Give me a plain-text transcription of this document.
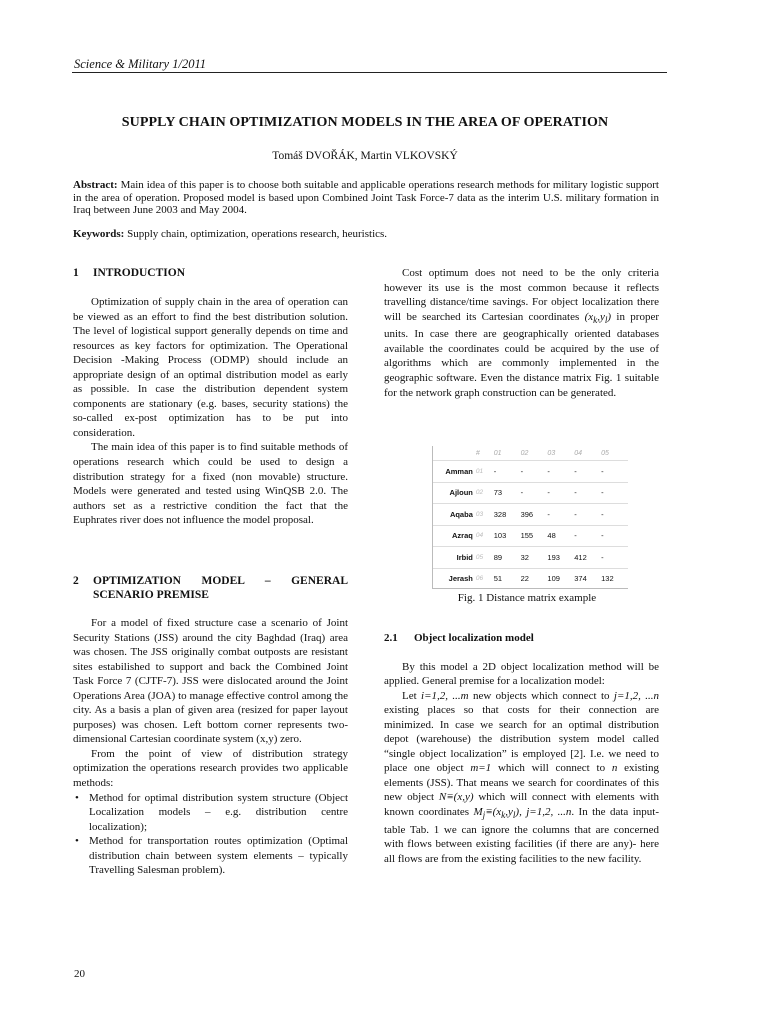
Science & Military 1/2011
SUPPLY CHAIN OPTIMIZATION MODELS IN THE AREA OF OPERATION
Tomáš DVOŘÁK, Martin VLKOVSKÝ
Abstract: Main idea of this paper is to choose both suitable and applicable operations research methods for military logistic support in the area of operation. Proposed model is based upon Combined Joint Task Force-7 data as the interim U.S. military formation in Iraq between June 2003 and May 2004.
Keywords: Supply chain, optimization, operations research, heuristics.
1 INTRODUCTION

Optimization of supply chain in the area of operation can be viewed as an effort to find the best distribution solution. The level of logistical support generally depends on time and resources as key factors for optimization. The Operational Decision -Making Process (ODMP) should include an appropriate design of an optimal distribution model as early as possible. In case the distribution dependent system components are stationary (e.g. bases, security stations) the so-called ex-post optimization has to be put into consideration.

The main idea of this paper is to find suitable methods of operations research which could be used to design a distribution strategy for a fixed (non movable) structure. Models were generated and tested using WinQSB 2.0. The authors set as a restrictive condition the fact that the Euphrates river does not influence the model proposal.

2	OPTIMIZATION MODEL – GENERAL SCENARIO PREMISE

For a model of fixed structure case a scenario of Joint Security Stations (JSS) around the city Baghdad (Iraq) area was chosen. The JSS originally combat outposts are resistant sites estabilished to support and back the Combined Joint Task Force 7 (CJTF-7). JSS were dislocated around the Joint Operations Area (JOA) to manage effective control among the city. As a basis a plan of given area (resized for paper layout purposes) was chosen. Left bottom corner represents two-dimensional Cartesian coordinate system (x,y) zero.

From the point of view of distribution strategy optimization the operations research provides two applicable methods:

• Method for optimal distribution system structure (Object Localization models – e.g. distribution centre localization);
• Method for transportation routes optimization (Optimal distribution chain between system elements – typically Travelling Salesman problem).

Cost optimum does not need to be the only criteria however its use is the most common because it reflects travelling distance/time savings. For object localization there will be searched its Cartesian coordinates $(x_k,y_l)$ in proper units. In case there are geographically oriented databases available the coordinates could be acquired by the use of algorithms which are commonly implemented in the geographic software. Even the distance matrix Fig. 1 suitable for the network graph construction can be generated.

	#	01	02	03	04	05
Amman	01	-	-	-	-	-
Ajloun	02	73	-	-	-	-
Aqaba	03	328	396	-	-	-
Azraq	04	103	155	48	-	-
Irbid	05	89	32	193	412	-
Jerash	06	51	22	109	374	132
Fig. 1 Distance matrix example
2.1 Object localization model

By this model a 2D object localization method will be applied. General premise for a localization model:

Let i=1,2, ...m new objects which connect to j=1,2, ...n existing places so that costs for their connection are minimized. In case we search for an optimal distribution depot (warehouse) the distribution system model called “single object localization” is employed [2]. I.e. we need to place one object m=1 which will connect to n existing elements (JSS). That means we search for coordinates of this new object N≡(x,y) which will connect with elements with known coordinates $M_j\equiv(x_k,y_l)$, j=1,2, ...n. In the data input-table Tab. 1 we can ignore the columns that are concerned with flows between existing facilities (if there are any)- here all flows are from the existing facilities to the new facility.

20
